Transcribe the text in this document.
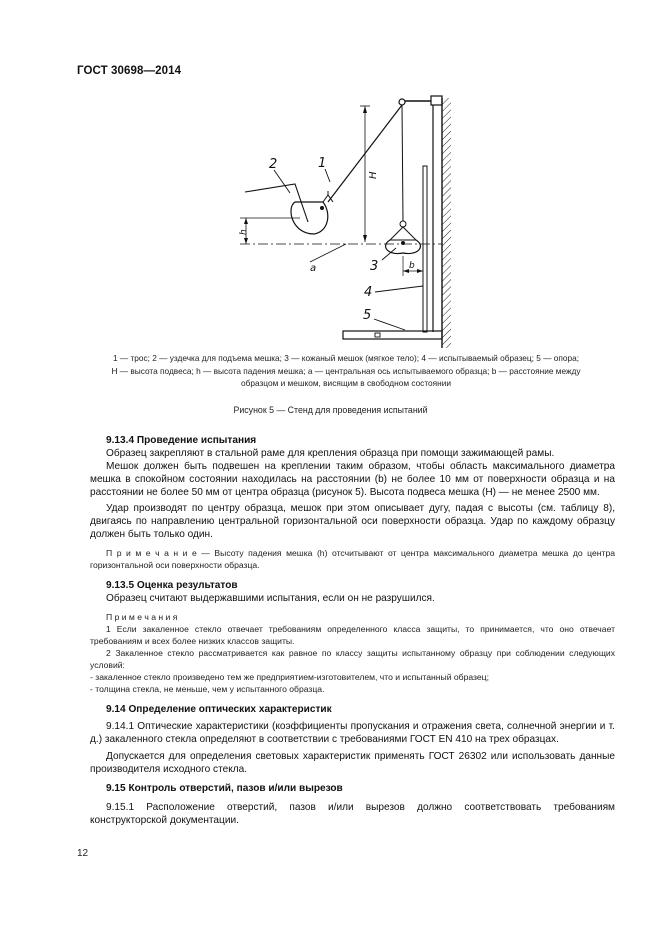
ГОСТ 30698—2014
1
2
3
4
5
a	b
H
h
1 — трос; 2 — уздечка для подъема мешка; 3 — кожаный мешок (мягкое тело); 4 — испытываемый образец; 5 — опора;
H — высота подвеса; h — высота падения мешка; a — центральная ось испытываемого образца; b — расстояние между
образцом и мешком, висящим в свободном состоянии
Рисунок 5 — Стенд для проведения испытаний
9.13.4 Проведение испытания

Образец закрепляют в стальной раме для крепления образца при помощи зажимающей рамы.

Мешок должен быть подвешен на креплении таким образом, чтобы область максимального диаметра мешка в спокойном состоянии находилась на расстоянии (b) не более 10 мм от поверхности образца и на расстоянии не более 50 мм от центра образца (рисунок 5). Высота подвеса мешка (H) — не менее 2500 мм.

Удар производят по центру образца, мешок при этом описывает дугу, падая с высоты (см. таблицу 8), двигаясь по направлению центральной горизонтальной оси поверхности образца. Удар по каждому образцу должен быть только один.

П р и м е ч а н и е — Высоту падения мешка (h) отсчитывают от центра максимального диаметра мешка до центра горизонтальной оси поверхности образца.

9.13.5 Оценка результатов

Образец считают выдержавшими испытания, если он не разрушился.

П р и м е ч а н и я

1 Если закаленное стекло отвечает требованиям определенного класса защиты, то принимается, что оно отвечает требованиям и всех более низких классов защиты.

2 Закаленное стекло рассматривается как равное по классу защиты испытанному образцу при соблюдении следующих условий:

- закаленное стекло произведено тем же предприятием-изготовителем, что и испытанный образец;

- толщина стекла, не меньше, чем у испытанного образца.

9.14 Определение оптических характеристик

9.14.1 Оптические характеристики (коэффициенты пропускания и отражения света, солнечной энергии и т. д.) закаленного стекла определяют в соответствии с требованиями ГОСТ EN 410 на трех образцах.

Допускается для определения световых характеристик применять ГОСТ 26302 или использовать данные производителя исходного стекла.

9.15 Контроль отверстий, пазов и/или вырезов

9.15.1 Расположение отверстий, пазов и/или вырезов должно соответствовать требованиям конструкторской документации.

12
